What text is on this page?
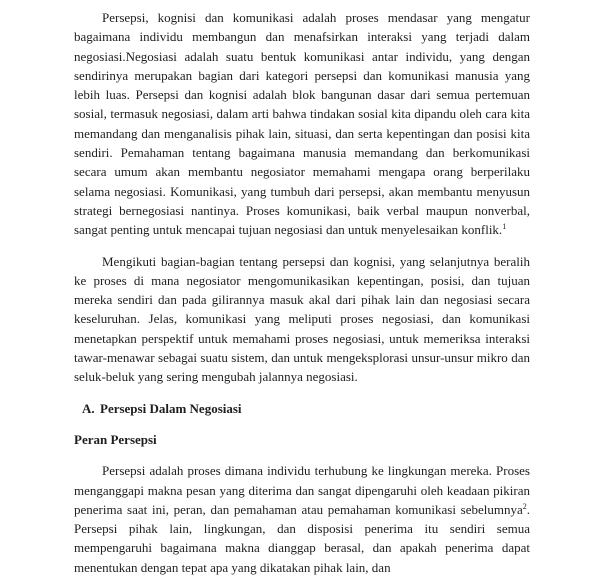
Persepsi, kognisi dan komunikasi adalah proses mendasar yang mengatur bagaimana individu membangun dan menafsirkan interaksi yang terjadi dalam negosiasi.Negosiasi adalah suatu bentuk komunikasi antar individu, yang dengan sendirinya merupakan bagian dari kategori persepsi dan komunikasi manusia yang lebih luas. Persepsi dan kognisi adalah blok bangunan dasar dari semua pertemuan sosial, termasuk negosiasi, dalam arti bahwa tindakan sosial kita dipandu oleh cara kita memandang dan menganalisis pihak lain, situasi, dan serta kepentingan dan posisi kita sendiri. Pemahaman tentang bagaimana manusia memandang dan berkomunikasi secara umum akan membantu negosiator memahami mengapa orang berperilaku selama negosiasi. Komunikasi, yang tumbuh dari persepsi, akan membantu menyusun strategi bernegosiasi nantinya. Proses komunikasi, baik verbal maupun nonverbal, sangat penting untuk mencapai tujuan negosiasi dan untuk menyelesaikan konflik.$^1$

Mengikuti bagian-bagian tentang persepsi dan kognisi, yang selanjutnya beralih ke proses di mana negosiator mengomunikasikan kepentingan, posisi, dan tujuan mereka sendiri dan pada gilirannya masuk akal dari pihak lain dan negosiasi secara keseluruhan. Jelas, komunikasi yang meliputi proses negosiasi, dan komunikasi menetapkan perspektif untuk memahami proses negosiasi, untuk memeriksa interaksi tawar-menawar sebagai suatu sistem, dan untuk mengeksplorasi unsur-unsur mikro dan seluk-beluk yang sering mengubah jalannya negosiasi.

A. Persepsi Dalam Negosiasi
Peran Persepsi

Persepsi adalah proses dimana individu terhubung ke lingkungan mereka. Proses menganggapi makna pesan yang diterima dan sangat dipengaruhi oleh keadaan pikiran penerima saat ini, peran, dan pemahaman atau pemahaman komunikasi sebelumnya$^2$. Persepsi pihak lain, lingkungan, dan disposisi penerima itu sendiri semua mempengaruhi bagaimana makna dianggap berasal, dan apakah penerima dapat menentukan dengan tepat apa yang dikatakan pihak lain, dan
